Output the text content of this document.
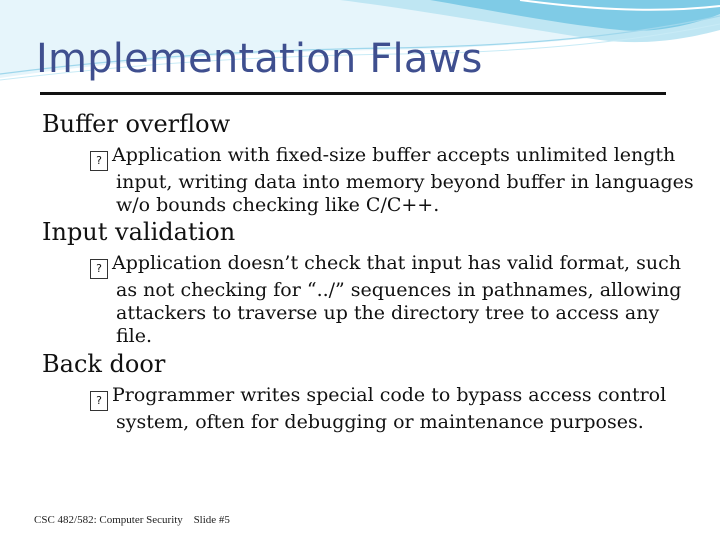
Implementation Flaws
Buffer overflow
? Application with fixed-size buffer accepts unlimited length input, writing data into memory beyond buffer in languages w/o bounds checking like C/C++.
Input validation
? Application doesn’t check that input has valid format, such as not checking for “../” sequences in pathnames, allowing attackers to traverse up the directory tree to access any file.
Back door
? Programmer writes special code to bypass access control system, often for debugging or maintenance purposes.
CSC 482/582: Computer Security Slide #5
